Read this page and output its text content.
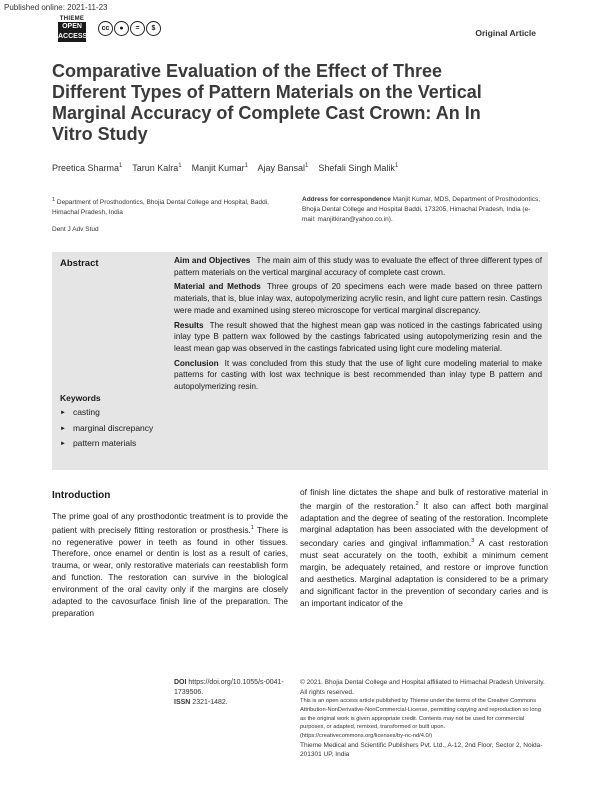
Published online: 2021-11-23
THIEME
OPEN
ACCESS
cc	●	=	$	Original Article
Comparative Evaluation of the Effect of Three Different Types of Pattern Materials on the Vertical Marginal Accuracy of Complete Cast Crown: An In Vitro Study
Preetica Sharma$^1$ Tarun Kalra$^1$ Manjit Kumar$^1$ Ajay Bansal$^1$ Shefali Singh Malik$^1$
$^1$ Department of Prosthodontics, Bhojia Dental College and Hospital, Baddi, Himachal Pradesh, India
Address for correspondence Manjit Kumar, MDS, Department of Prosthodontics, Bhojia Dental College and Hospital Baddi, 173205, Himachal Pradesh, India (e-mail: manjitkiran@yahoo.co.in).
Dent J Adv Stud
Abstract	Aim and Objectives The main aim of this study was to evaluate the effect of three different types of pattern materials on the vertical marginal accuracy of complete cast crown.

Material and Methods Three groups of 20 specimens each were made based on three pattern materials, that is, blue inlay wax, autopolymerizing acrylic resin, and light cure pattern resin. Castings were made and examined using stereo microscope for vertical marginal discrepancy.

Results The result showed that the highest mean gap was noticed in the castings fabricated using inlay type B pattern wax followed by the castings fabricated using autopolymerizing resin and the least mean gap was observed in the castings fabricated using light cure modeling material.

Conclusion It was concluded from this study that the use of light cure modeling material to make patterns for casting with lost wax technique is best recommended than inlay type B pattern and autopolymerizing resin.

Keywords
► casting
► marginal discrepancy
► pattern materials
Introduction

The prime goal of any prosthodontic treatment is to provide the patient with precisely fitting restoration or prosthesis.$^1$ There is no regenerative power in teeth as found in other tissues. Therefore, once enamel or dentin is lost as a result of caries, trauma, or wear, only restorative materials can reestablish form and function. The restoration can survive in the biological environment of the oral cavity only if the margins are closely adapted to the cavosurface finish line of the preparation. The preparation

of finish line dictates the shape and bulk of restorative material in the margin of the restoration.$^2$ It also can affect both marginal adaptation and the degree of seating of the restoration. Incomplete marginal adaptation has been associated with the development of secondary caries and gingival inflammation.$^3$ A cast restoration must seat accurately on the tooth, exhibit a minimum cement margin, be adequately retained, and restore or improve function and aesthetics. Marginal adaptation is considered to be a primary and significant factor in the prevention of secondary caries and is an important indicator of the

DOI https://doi.org/10.1055/s-0041-1739506.
ISSN 2321-1482.
© 2021. Bhojia Dental College and Hospital affiliated to Himachal Pradesh University. All rights reserved.
This is an open access article published by Thieme under the terms of the Creative Commons Attribution-NonDerivative-NonCommercial-License, permitting copying and reproduction so long as the original work is given appropriate credit. Contents may not be used for commercial purposes, or adapted, remixed, transformed or built upon. (https://creativecommons.org/licenses/by-nc-nd/4.0/)
Thieme Medical and Scientific Publishers Pvt. Ltd., A-12, 2nd Floor, Sector 2, Noida-201301 UP, India
